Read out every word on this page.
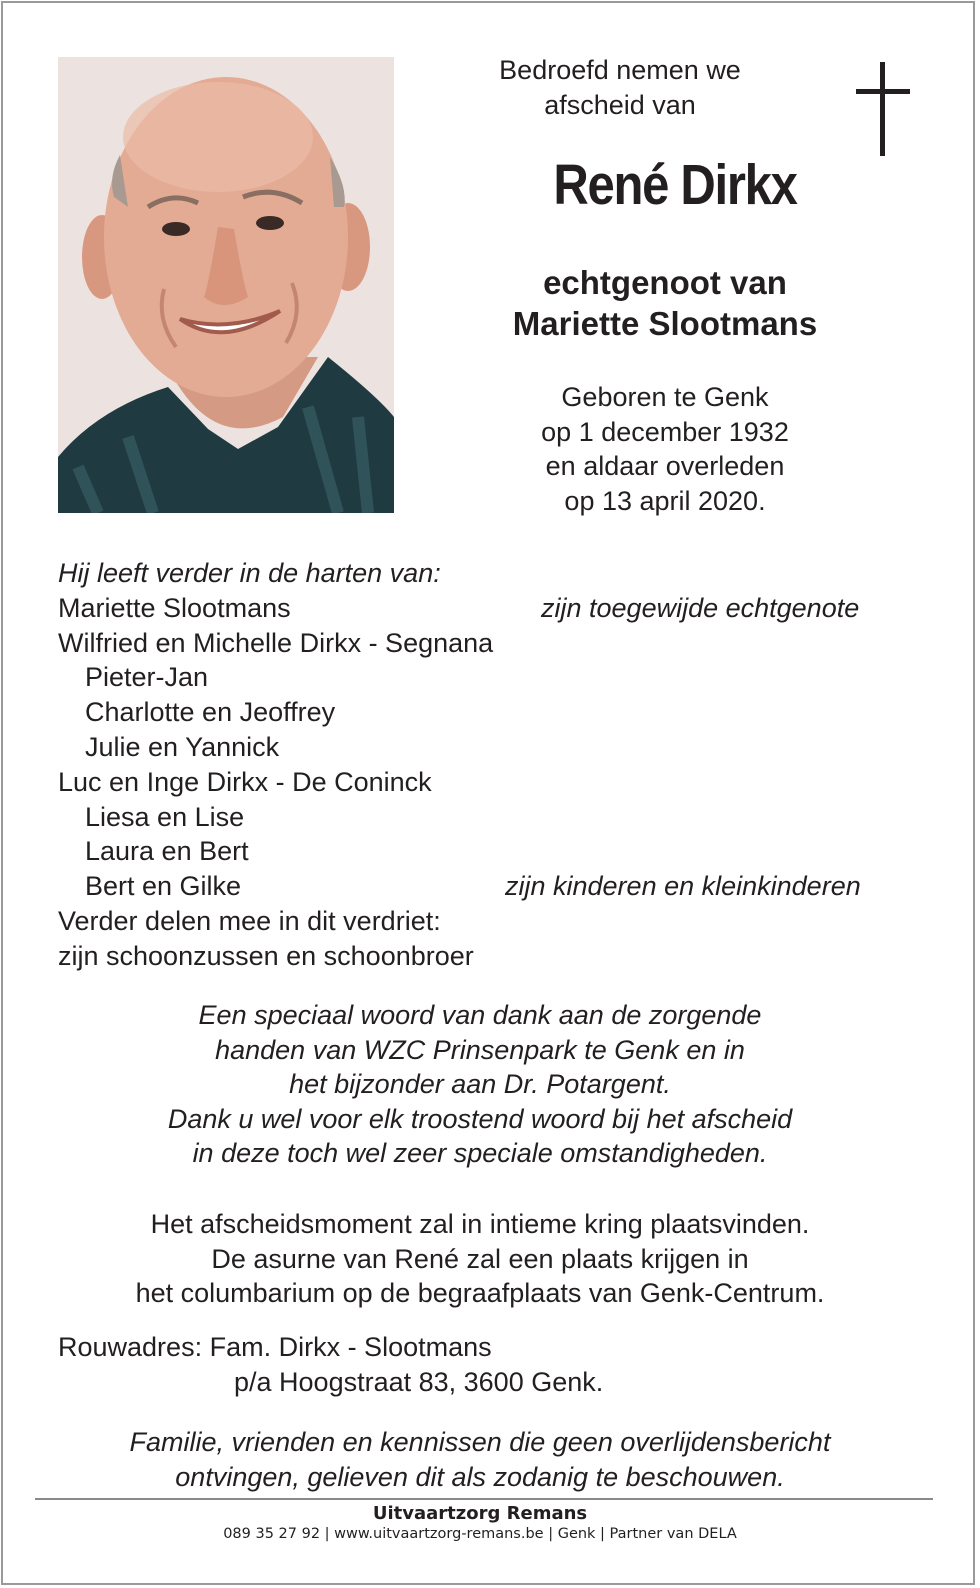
Bedroefd nemen we
afscheid van
René Dirkx
echtgenoot van
Mariette Slootmans
Geboren te Genk
op 1 december 1932
en aldaar overleden
op 13 april 2020.
Hij leeft verder in de harten van:
Mariette Slootmans	zijn toegewijde echtgenote
Wilfried en Michelle Dirkx - Segnana
Pieter-Jan
Charlotte en Jeoffrey
Julie en Yannick
Luc en Inge Dirkx - De Coninck
Liesa en Lise
Laura en Bert
Bert en Gilke	zijn kinderen en kleinkinderen
Verder delen mee in dit verdriet:
zijn schoonzussen en schoonbroer
Een speciaal woord van dank aan de zorgende
handen van WZC Prinsenpark te Genk en in
het bijzonder aan Dr. Potargent.
Dank u wel voor elk troostend woord bij het afscheid
in deze toch wel zeer speciale omstandigheden.
Het afscheidsmoment zal in intieme kring plaatsvinden.
De asurne van René zal een plaats krijgen in
het columbarium op de begraafplaats van Genk-Centrum.
Rouwadres: Fam. Dirkx - Slootmans
p/a Hoogstraat 83, 3600 Genk.
Familie, vrienden en kennissen die geen overlijdensbericht
ontvingen, gelieven dit als zodanig te beschouwen.
Uitvaartzorg Remans
089 35 27 92 | www.uitvaartzorg-remans.be | Genk | Partner van DELA
